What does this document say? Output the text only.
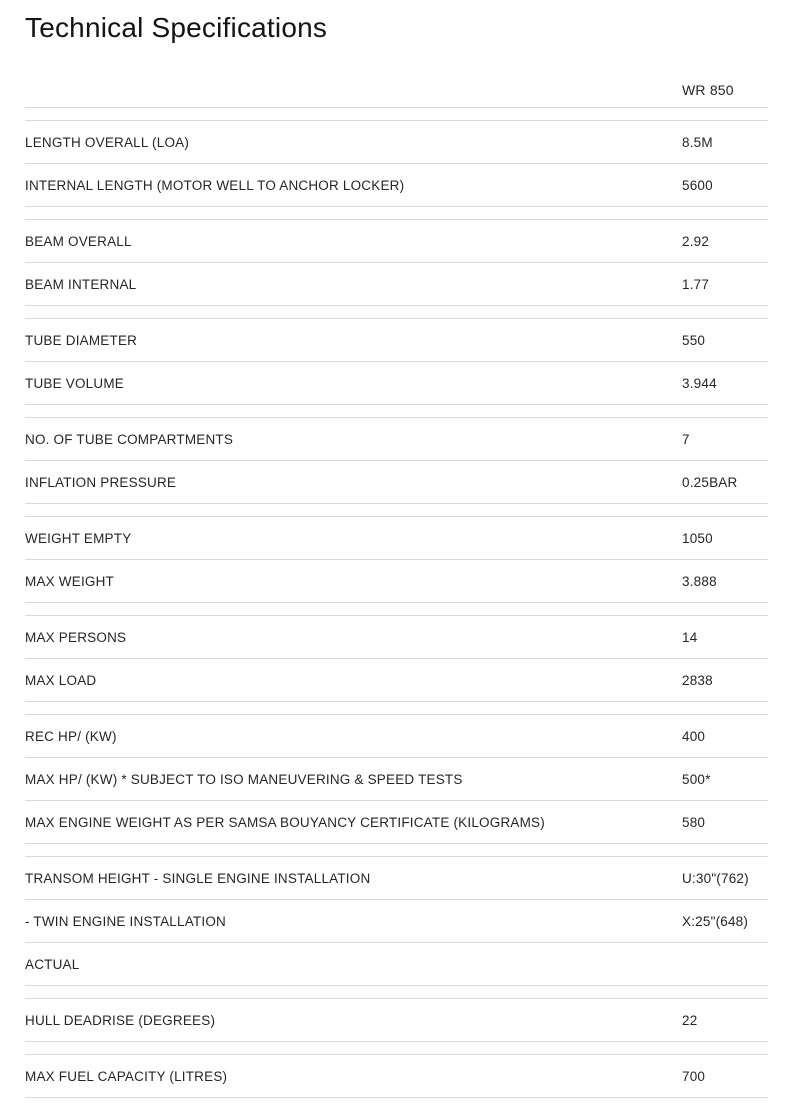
Technical Specifications
WR 850
LENGTH OVERALL (LOA)	8.5M
INTERNAL LENGTH (MOTOR WELL TO ANCHOR LOCKER)	5600
BEAM OVERALL	2.92
BEAM INTERNAL	1.77
TUBE DIAMETER	550
TUBE VOLUME	3.944
NO. OF TUBE COMPARTMENTS	7
INFLATION PRESSURE	0.25BAR
WEIGHT EMPTY	1050
MAX WEIGHT	3.888
MAX PERSONS	14
MAX LOAD	2838
REC HP/ (KW)	400
MAX HP/ (KW) * SUBJECT TO ISO MANEUVERING & SPEED TESTS	500*
MAX ENGINE WEIGHT AS PER SAMSA BOUYANCY CERTIFICATE (KILOGRAMS)	580
TRANSOM HEIGHT - SINGLE ENGINE INSTALLATION	U:30"(762)
- TWIN ENGINE INSTALLATION	X:25"(648)
ACTUAL
HULL DEADRISE (DEGREES)	22
MAX FUEL CAPACITY (LITRES)	700
